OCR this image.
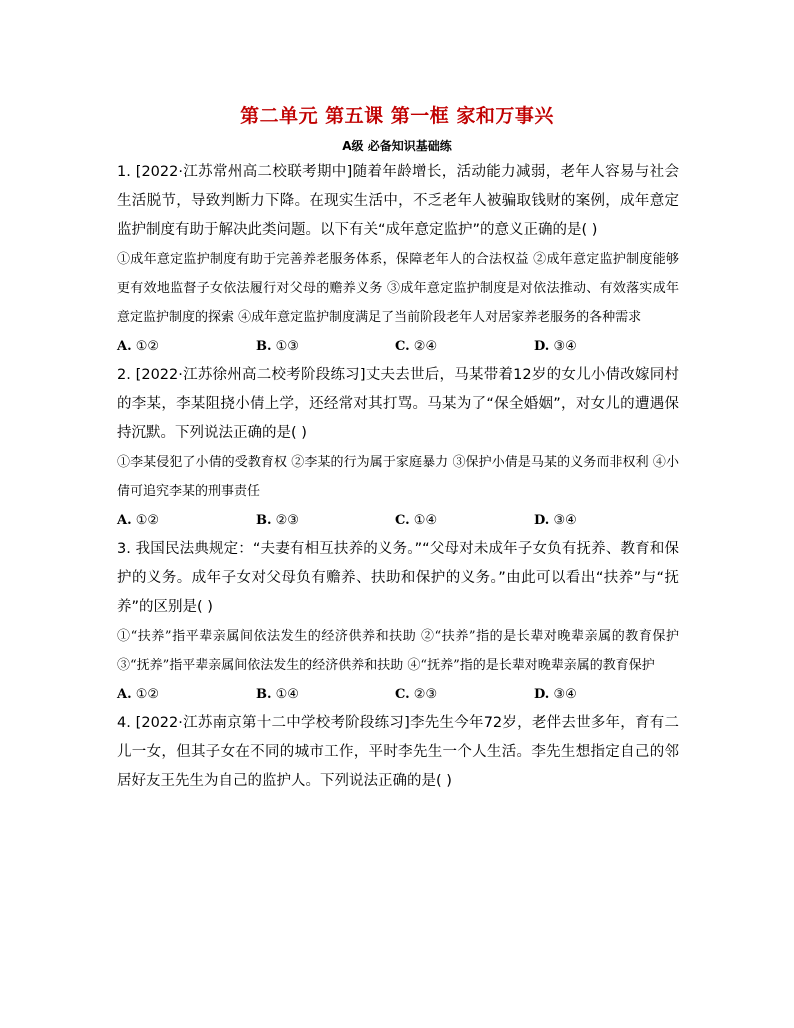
第二单元 第五课 第一框 家和万事兴
A级 必备知识基础练
1. [2022·江苏常州高二校联考期中]随着年龄增长，活动能力减弱，老年人容易与社会生活脱节，导致判断力下降。在现实生活中，不乏老年人被骗取钱财的案例，成年意定监护制度有助于解决此类问题。以下有关“成年意定监护”的意义正确的是( )
①成年意定监护制度有助于完善养老服务体系，保障老年人的合法权益 ②成年意定监护制度能够更有效地监督子女依法履行对父母的赡养义务 ③成年意定监护制度是对依法推动、有效落实成年意定监护制度的探索 ④成年意定监护制度满足了当前阶段老年人对居家养老服务的各种需求
A. ①②	B. ①③	C. ②④	D. ③④
2. [2022·江苏徐州高二校考阶段练习]丈夫去世后，马某带着12岁的女儿小倩改嫁同村的李某，李某阻挠小倩上学，还经常对其打骂。马某为了“保全婚姻”，对女儿的遭遇保持沉默。下列说法正确的是( )
①李某侵犯了小倩的受教育权 ②李某的行为属于家庭暴力 ③保护小倩是马某的义务而非权利 ④小倩可追究李某的刑事责任
A. ①②	B. ②③	C. ①④	D. ③④
3. 我国民法典规定：“夫妻有相互扶养的义务。”“父母对未成年子女负有抚养、教育和保护的义务。成年子女对父母负有赡养、扶助和保护的义务。”由此可以看出“扶养”与“抚养”的区别是( )
①“扶养”指平辈亲属间依法发生的经济供养和扶助 ②“扶养”指的是长辈对晚辈亲属的教育保护 ③“抚养”指平辈亲属间依法发生的经济供养和扶助 ④“抚养”指的是长辈对晚辈亲属的教育保护
A. ①②	B. ①④	C. ②③	D. ③④
4. [2022·江苏南京第十二中学校考阶段练习]李先生今年72岁，老伴去世多年，育有二儿一女，但其子女在不同的城市工作，平时李先生一个人生活。李先生想指定自己的邻居好友王先生为自己的监护人。下列说法正确的是( )
